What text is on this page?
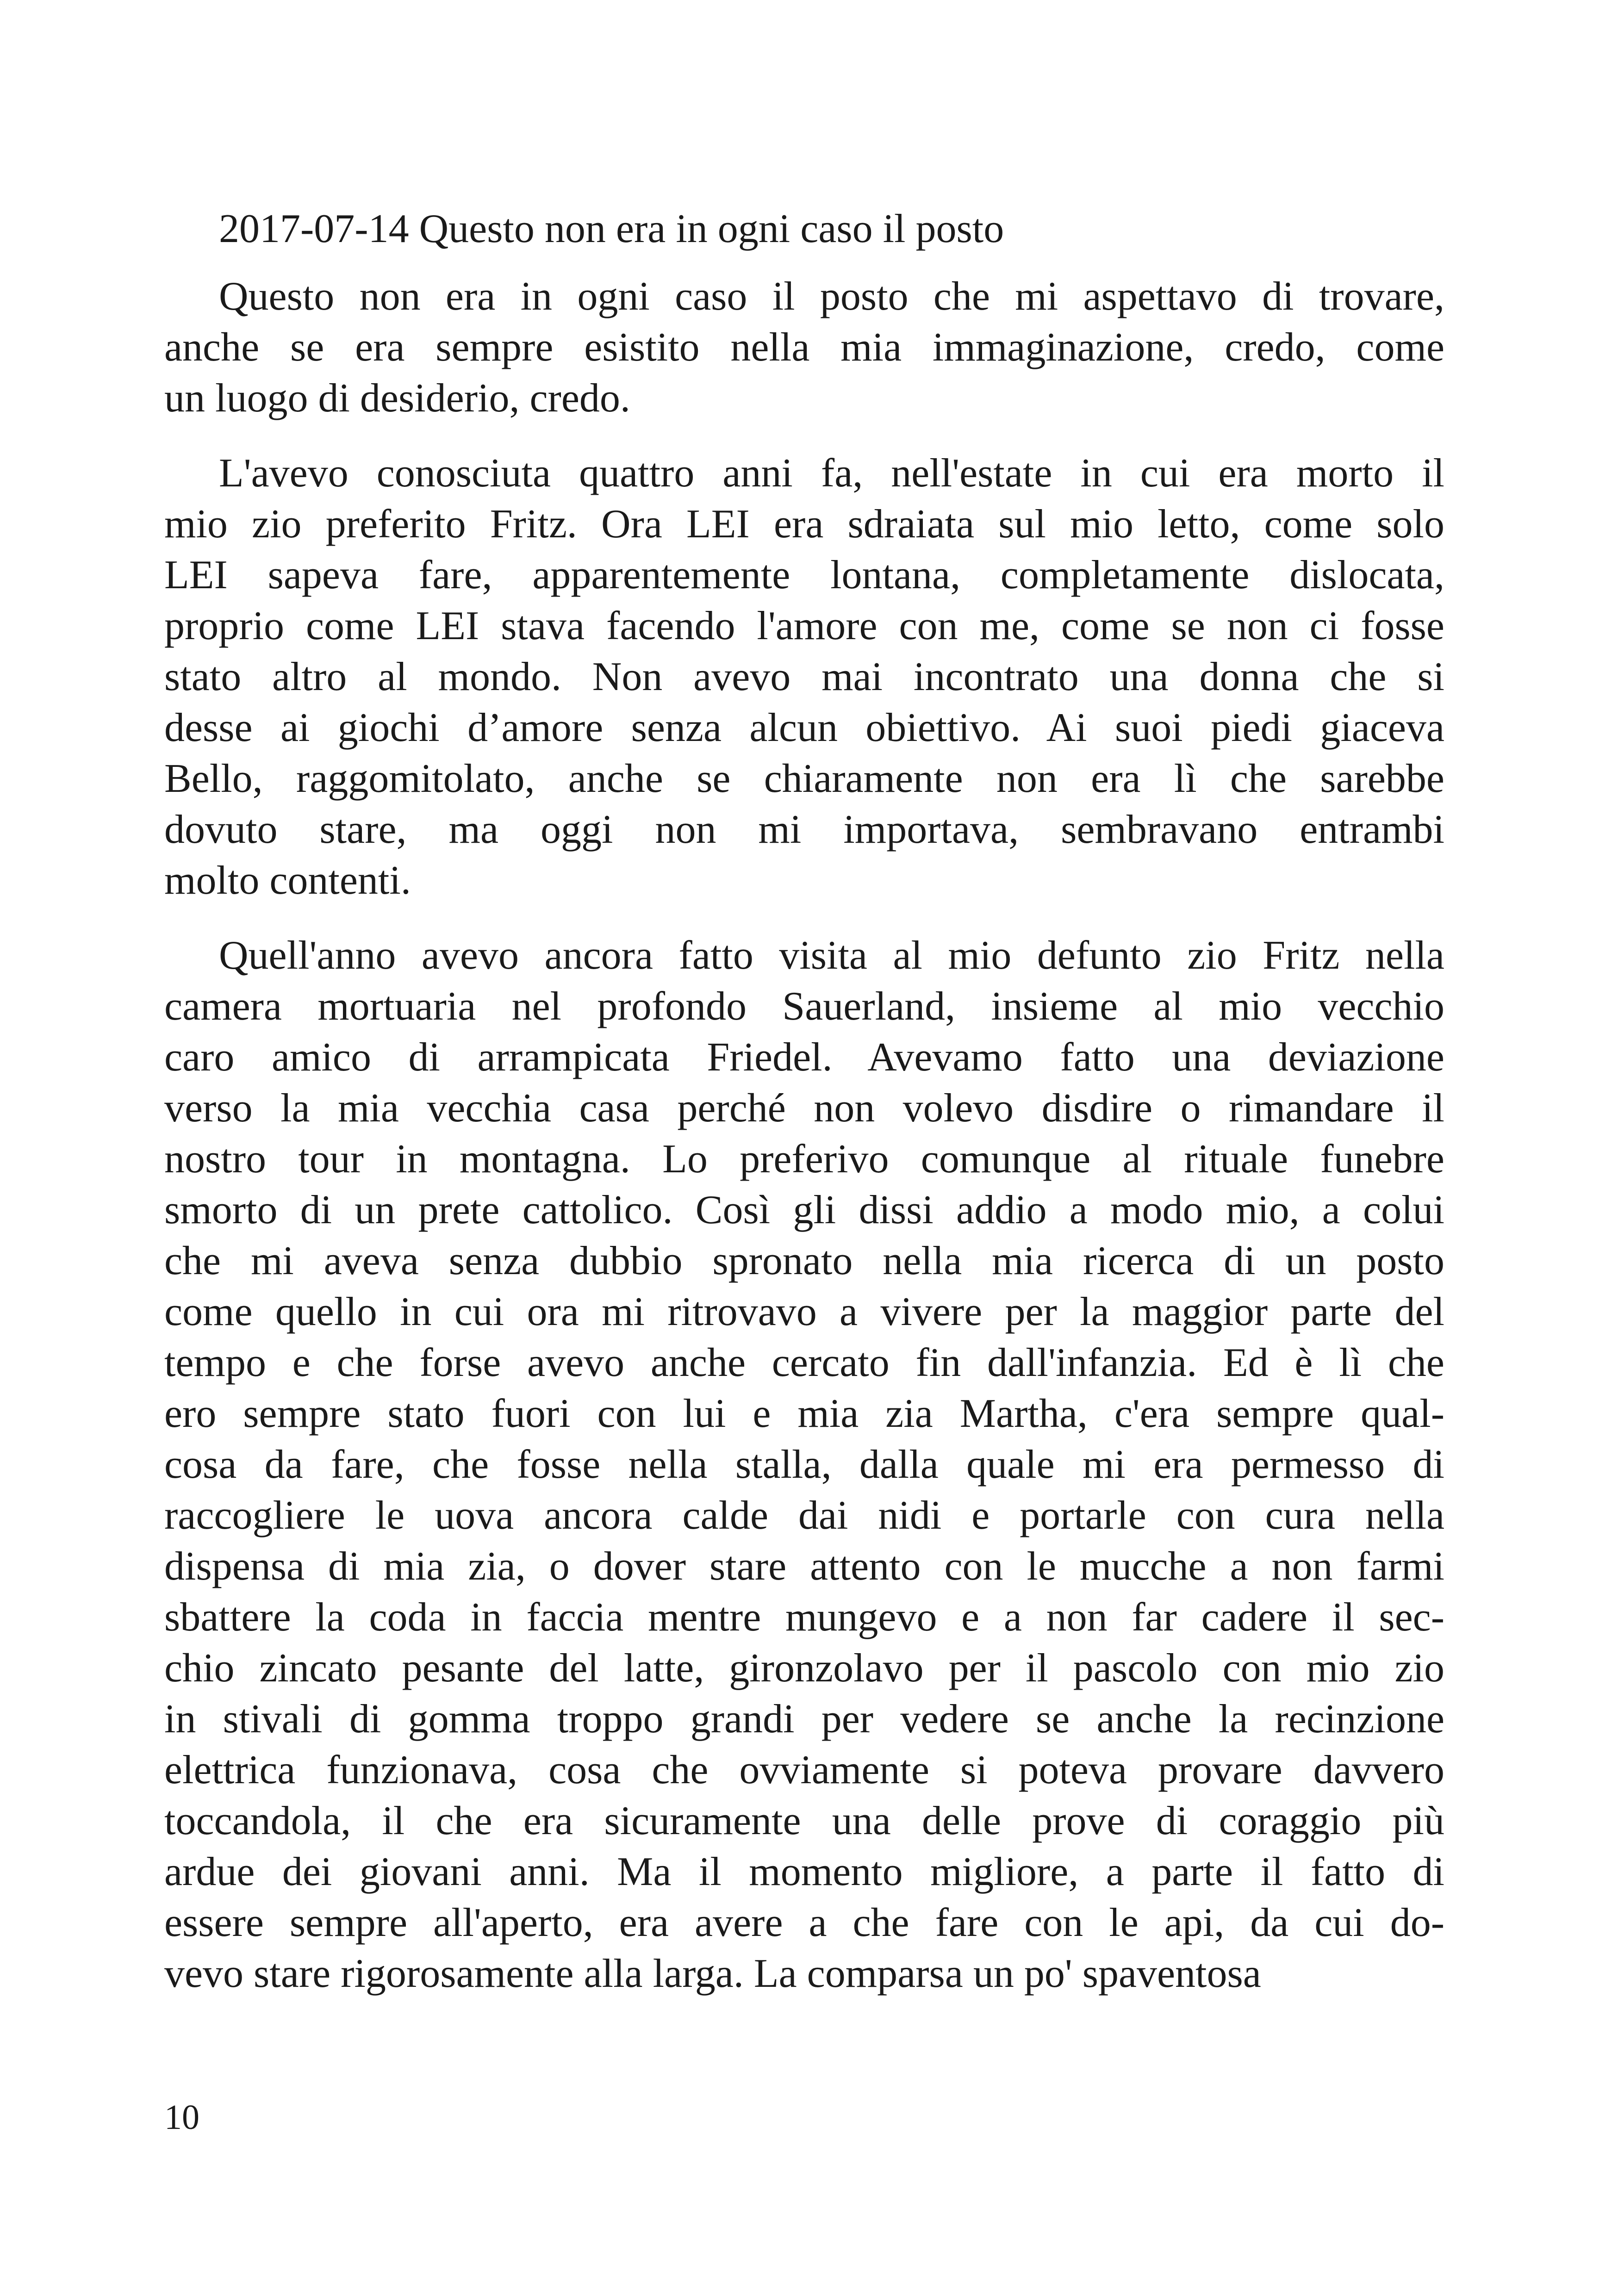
2017-07-14 Questo non era in ogni caso il posto

Questo non era in ogni caso il posto che mi aspettavo di trovare,
anche se era sempre esistito nella mia immaginazione, credo, come
un luogo di desiderio, credo.

L'avevo conosciuta quattro anni fa, nell'estate in cui era morto il
mio zio preferito Fritz. Ora LEI era sdraiata sul mio letto, come solo
LEI sapeva fare, apparentemente lontana, completamente dislocata,
proprio come LEI stava facendo l'amore con me, come se non ci fosse
stato altro al mondo. Non avevo mai incontrato una donna che si
desse ai giochi d’amore senza alcun obiettivo. Ai suoi piedi giaceva
Bello, raggomitolato, anche se chiaramente non era lì che sarebbe
dovuto stare, ma oggi non mi importava, sembravano entrambi
molto contenti.

Quell'anno avevo ancora fatto visita al mio defunto zio Fritz nella
camera mortuaria nel profondo Sauerland, insieme al mio vecchio
caro amico di arrampicata Friedel. Avevamo fatto una deviazione
verso la mia vecchia casa perché non volevo disdire o rimandare il
nostro tour in montagna. Lo preferivo comunque al rituale funebre
smorto di un prete cattolico. Così gli dissi addio a modo mio, a colui
che mi aveva senza dubbio spronato nella mia ricerca di un posto
come quello in cui ora mi ritrovavo a vivere per la maggior parte del
tempo e che forse avevo anche cercato fin dall'infanzia. Ed è lì che
ero sempre stato fuori con lui e mia zia Martha, c'era sempre qual-
cosa da fare, che fosse nella stalla, dalla quale mi era permesso di
raccogliere le uova ancora calde dai nidi e portarle con cura nella
dispensa di mia zia, o dover stare attento con le mucche a non farmi
sbattere la coda in faccia mentre mungevo e a non far cadere il sec-
chio zincato pesante del latte, gironzolavo per il pascolo con mio zio
in stivali di gomma troppo grandi per vedere se anche la recinzione
elettrica funzionava, cosa che ovviamente si poteva provare davvero
toccandola, il che era sicuramente una delle prove di coraggio più
ardue dei giovani anni. Ma il momento migliore, a parte il fatto di
essere sempre all'aperto, era avere a che fare con le api, da cui do-
vevo stare rigorosamente alla larga. La comparsa un po' spaventosa

10
